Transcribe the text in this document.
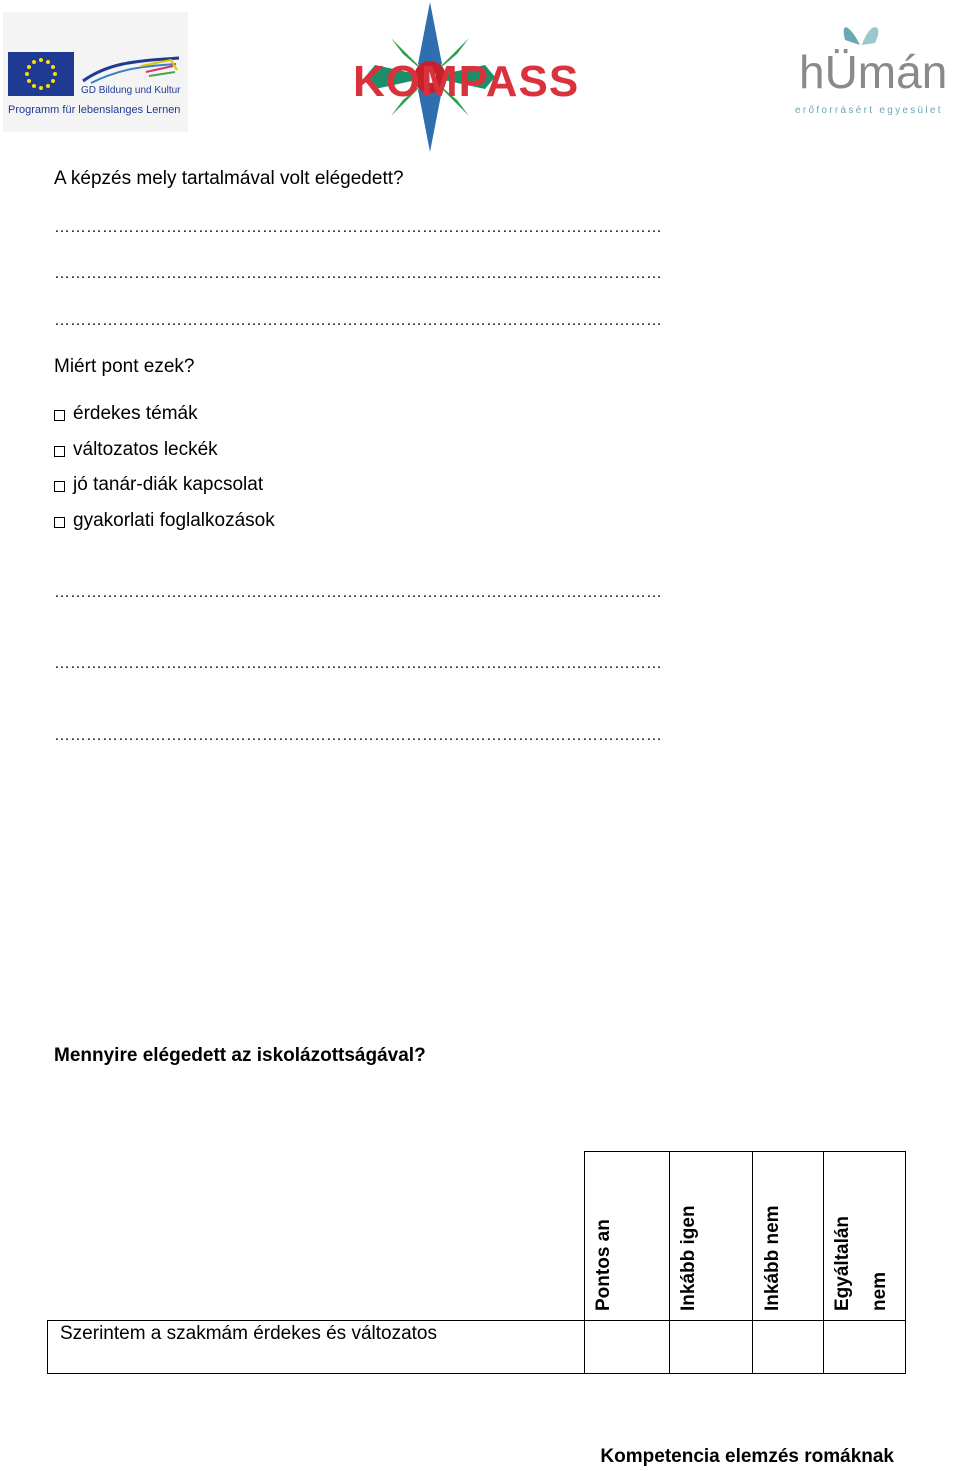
GD Bildung und Kultur
Programm für lebenslanges Lernen
KOMPASS	hÜmán
erőforrásért egyesület
A képzés mely tartalmával volt elégedett?
……………………………………………………………………………………………………
……………………………………………………………………………………………………
……………………………………………………………………………………………………
Miért pont ezek?
érdekes témák
változatos leckék
jó tanár-diák kapcsolat
gyakorlati foglalkozások
……………………………………………………………………………………………………
……………………………………………………………………………………………………
……………………………………………………………………………………………………
Mennyire elégedett az iskolázottságával?
Pontos an	Inkább igen	Inkább nem	Egyáltalán nem
Szerintem a szakmám érdekes és változatos
Kompetencia elemzés romáknak
